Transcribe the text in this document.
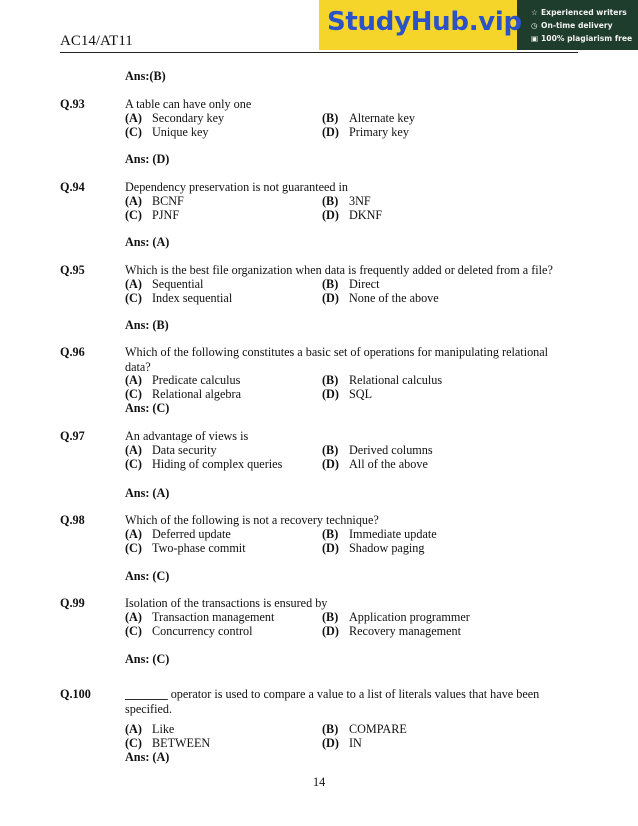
AC14/AT11
StudyHub.vip ☆ Experienced writers
◷ On-time delivery
▣ 100% plagiarism free
Ans:(B)
Q.93	A table can have only one
(A) Secondary key	(B) Alternate key
(C) Unique key	(D) Primary key
Ans: (D)
Q.94	Dependency preservation is not guaranteed in
(A) BCNF	(B) 3NF
(C) PJNF	(D) DKNF
Ans: (A)
Q.95	Which is the best file organization when data is frequently added or deleted from a file?
(A) Sequential	(B) Direct
(C) Index sequential	(D) None of the above
Ans: (B)
Q.96	Which of the following constitutes a basic set of operations for manipulating relational data?
(A) Predicate calculus	(B) Relational calculus
(C) Relational algebra	(D) SQL
Ans: (C)
Q.97	An advantage of views is
(A) Data security	(B) Derived columns
(C) Hiding of complex queries	(D) All of the above
Ans: (A)
Q.98	Which of the following is not a recovery technique?
(A) Deferred update	(B) Immediate update
(C) Two-phase commit	(D) Shadow paging
Ans: (C)
Q.99	Isolation of the transactions is ensured by
(A) Transaction management	(B) Application programmer
(C) Concurrency control	(D) Recovery management
Ans: (C)
Q.100	_______ operator is used to compare a value to a list of literals values that have been specified.
(A) Like	(B) COMPARE
(C) BETWEEN	(D) IN
Ans: (A)
14
